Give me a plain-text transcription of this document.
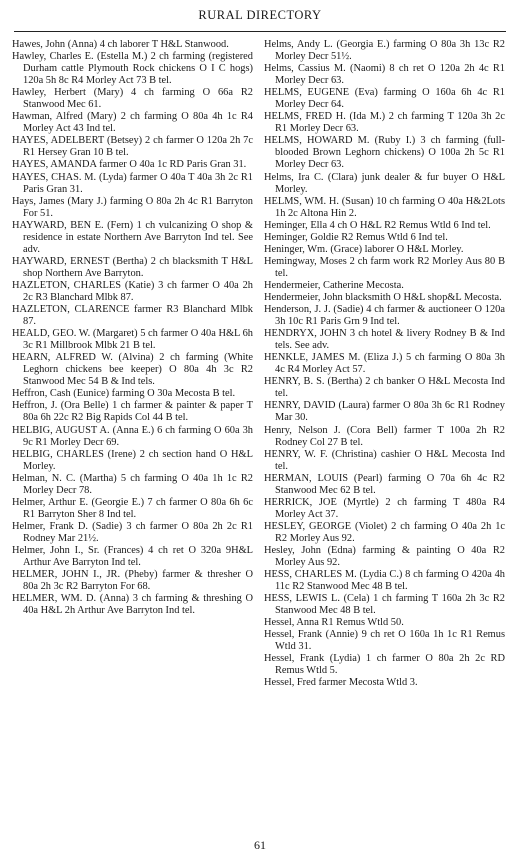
RURAL DIRECTORY

Hawes, John (Anna) 4 ch laborer T H&L Stanwood.

Hawley, Charles E. (Estella M.) 2 ch farming (registered Durham cattle Plymouth Rock chickens O I C hogs) 120a 5h 8c R4 Morley Act 73 B tel.

Hawley, Herbert (Mary) 4 ch farming O 66a R2 Stanwood Mec 61.

Hawman, Alfred (Mary) 2 ch farming O 80a 4h 1c R4 Morley Act 43 Ind tel.

HAYES, ADELBERT (Betsey) 2 ch farmer O 120a 2h 7c R1 Hersey Gran 10 B tel.

HAYES, AMANDA farmer O 40a 1c RD Paris Gran 31.

HAYES, CHAS. M. (Lyda) farmer O 40a T 40a 3h 2c R1 Paris Gran 31.

Hays, James (Mary J.) farming O 80a 2h 4c R1 Barryton For 51.

HAYWARD, BEN E. (Fern) 1 ch vulcanizing O shop & residence in estate Northern Ave Barryton Ind tel. See adv.

HAYWARD, ERNEST (Bertha) 2 ch blacksmith T H&L shop Northern Ave Barryton.

HAZLETON, CHARLES (Katie) 3 ch farmer O 40a 2h 2c R3 Blanchard Mlbk 87.

HAZLETON, CLARENCE farmer R3 Blanchard Mlbk 87.

HEALD, GEO. W. (Margaret) 5 ch farmer O 40a H&L 6h 3c R1 Millbrook Mlbk 21 B tel.

HEARN, ALFRED W. (Alvina) 2 ch farming (White Leghorn chickens bee keeper) O 80a 4h 3c R2 Stanwood Mec 54 B & Ind tels.

Heffron, Cash (Eunice) farming O 30a Mecosta B tel.

Heffron, J. (Ora Belle) 1 ch farmer & painter & paper T 80a 6h 22c R2 Big Rapids Col 44 B tel.

HELBIG, AUGUST A. (Anna E.) 6 ch farming O 60a 3h 9c R1 Morley Decr 69.

HELBIG, CHARLES (Irene) 2 ch section hand O H&L Morley.

Helman, N. C. (Martha) 5 ch farming O 40a 1h 1c R2 Morley Decr 78.

Helmer, Arthur E. (Georgie E.) 7 ch farmer O 80a 6h 6c R1 Barryton Sher 8 Ind tel.

Helmer, Frank D. (Sadie) 3 ch farmer O 80a 2h 2c R1 Rodney Mar 21½.

Helmer, John I., Sr. (Frances) 4 ch ret O 320a 9H&L Arthur Ave Barryton Ind tel.

HELMER, JOHN I., JR. (Pheby) farmer & thresher O 80a 2h 3c R2 Barryton For 68.

HELMER, WM. D. (Anna) 3 ch farming & threshing O 40a H&L 2h Arthur Ave Barryton Ind tel.

Helms, Andy L. (Georgia E.) farming O 80a 3h 13c R2 Morley Decr 51½.

Helms, Cassius M. (Naomi) 8 ch ret O 120a 2h 4c R1 Morley Decr 63.

HELMS, EUGENE (Eva) farming O 160a 6h 4c R1 Morley Decr 64.

HELMS, FRED H. (Ida M.) 2 ch farming T 120a 3h 2c R1 Morley Decr 63.

HELMS, HOWARD M. (Ruby I.) 3 ch farming (full-blooded Brown Leghorn chickens) O 100a 2h 5c R1 Morley Decr 63.

Helms, Ira C. (Clara) junk dealer & fur buyer O H&L Morley.

HELMS, WM. H. (Susan) 10 ch farming O 40a H&2Lots 1h 2c Altona Hin 2.

Heminger, Ella 4 ch O H&L R2 Remus Wtld 6 Ind tel.

Heminger, Goldie R2 Remus Wtld 6 Ind tel.

Heninger, Wm. (Grace) laborer O H&L Morley.

Hemingway, Moses 2 ch farm work R2 Morley Aus 80 B tel.

Hendermeier, Catherine Mecosta.

Hendermeier, John blacksmith O H&L shop&L Mecosta.

Henderson, J. J. (Sadie) 4 ch farmer & auctioneer O 120a 3h 10c R1 Paris Grn 9 Ind tel.

HENDRYX, JOHN 3 ch hotel & livery Rodney B & Ind tels. See adv.

HENKLE, JAMES M. (Eliza J.) 5 ch farming O 80a 3h 4c R4 Morley Act 57.

HENRY, B. S. (Bertha) 2 ch banker O H&L Mecosta Ind tel.

HENRY, DAVID (Laura) farmer O 80a 3h 6c R1 Rodney Mar 30.

Henry, Nelson J. (Cora Bell) farmer T 100a 2h R2 Rodney Col 27 B tel.

HENRY, W. F. (Christina) cashier O H&L Mecosta Ind tel.

HERMAN, LOUIS (Pearl) farming O 70a 6h 4c R2 Stanwood Mec 62 B tel.

HERRICK, JOE (Myrtle) 2 ch farming T 480a R4 Morley Act 37.

HESLEY, GEORGE (Violet) 2 ch farming O 40a 2h 1c R2 Morley Aus 92.

Hesley, John (Edna) farming & painting O 40a R2 Morley Aus 92.

HESS, CHARLES M. (Lydia C.) 8 ch farming O 420a 4h 11c R2 Stanwood Mec 48 B tel.

HESS, LEWIS L. (Cela) 1 ch farming T 160a 2h 3c R2 Stanwood Mec 48 B tel.

Hessel, Anna R1 Remus Wtld 50.

Hessel, Frank (Annie) 9 ch ret O 160a 1h 1c R1 Remus Wtld 31.

Hessel, Frank (Lydia) 1 ch farmer O 80a 2h 2c RD Remus Wtld 5.

Hessel, Fred farmer Mecosta Wtld 3.

61
